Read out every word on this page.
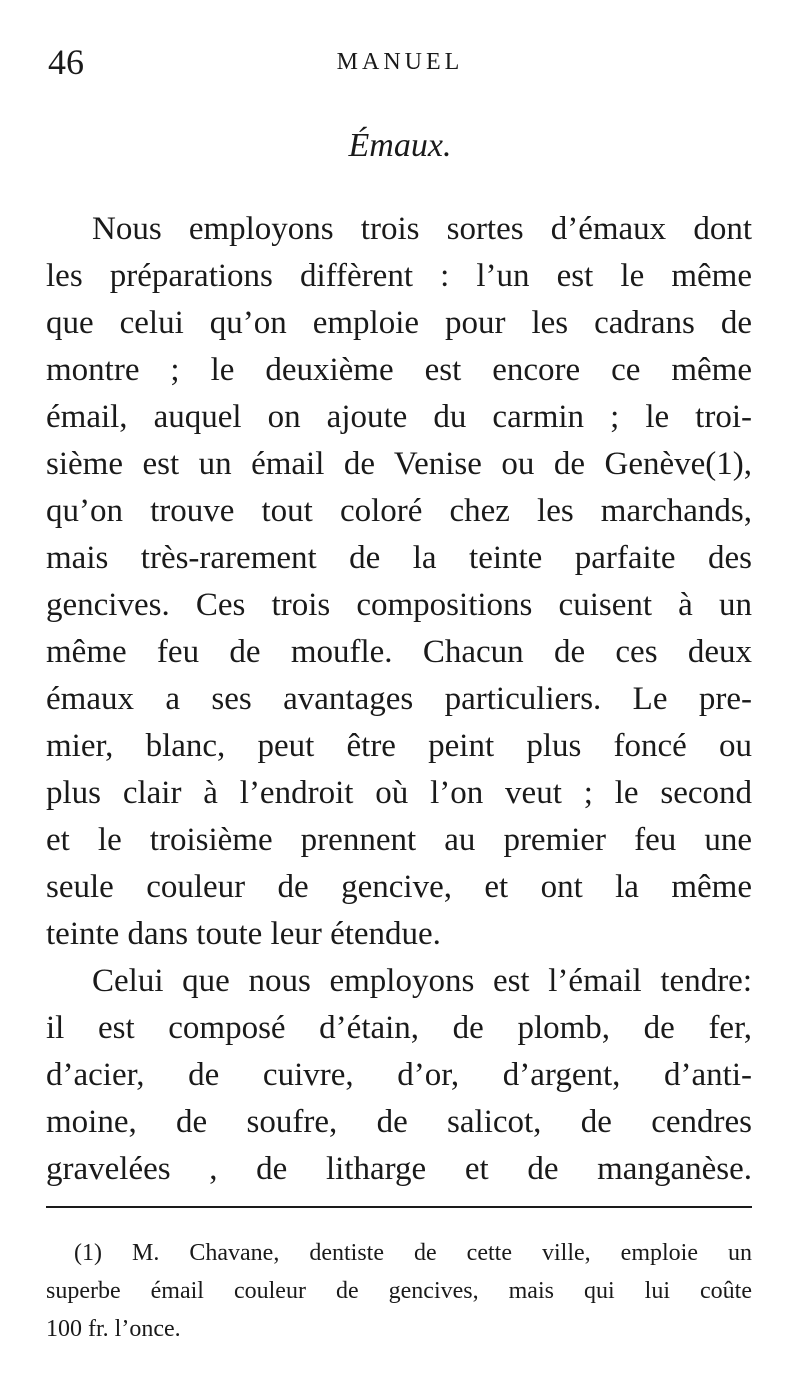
46	MANUEL
Émaux.
Nous employons trois sortes d’émaux dont
les préparations diffèrent : l’un est le même
que celui qu’on emploie pour les cadrans de
montre ; le deuxième est encore ce même
émail, auquel on ajoute du carmin ; le troi-
sième est un émail de Venise ou de Genève(1),
qu’on trouve tout coloré chez les marchands,
mais très-rarement de la teinte parfaite des
gencives. Ces trois compositions cuisent à un
même feu de moufle. Chacun de ces deux
émaux a ses avantages particuliers. Le pre-
mier, blanc, peut être peint plus foncé ou
plus clair à l’endroit où l’on veut ; le second
et le troisième prennent au premier feu une
seule couleur de gencive, et ont la même
teinte dans toute leur étendue.
Celui que nous employons est l’émail tendre:
il est composé d’étain, de plomb, de fer,
d’acier, de cuivre, d’or, d’argent, d’anti-
moine, de soufre, de salicot, de cendres
gravelées , de litharge et de manganèse.
(1) M. Chavane, dentiste de cette ville, emploie un
superbe émail couleur de gencives, mais qui lui coûte
100 fr. l’once.
